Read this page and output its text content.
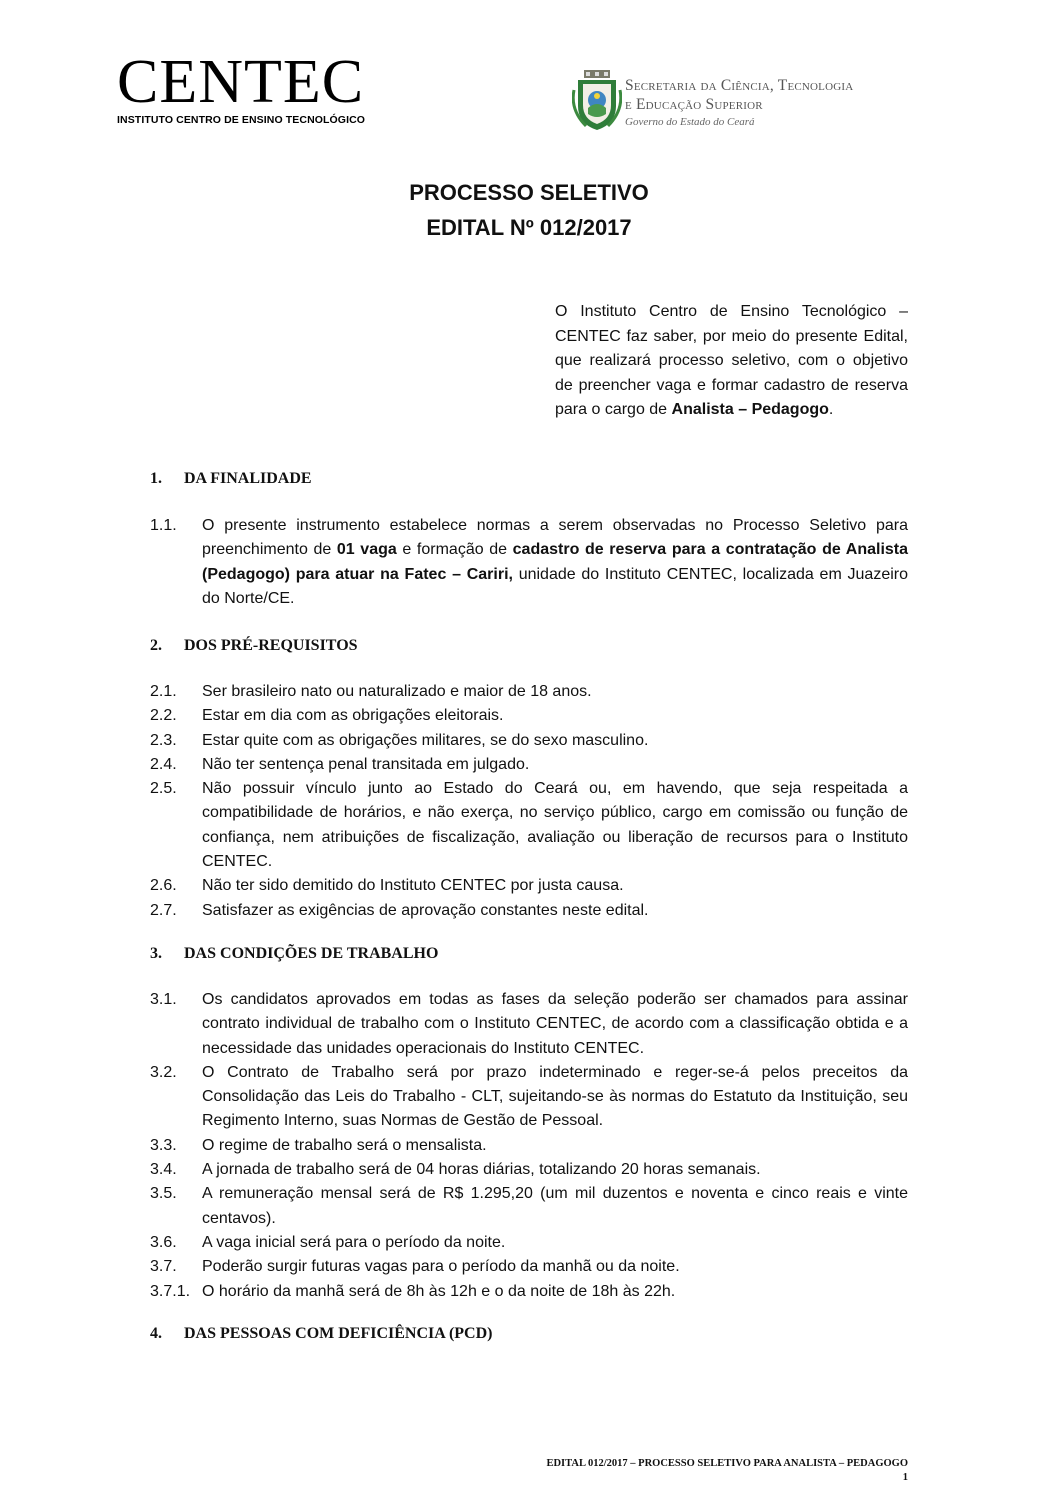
CENTEC
INSTITUTO CENTRO DE ENSINO TECNOLÓGICO
Secretaria da Ciência, Tecnologia
e Educação Superior
Governo do Estado do Ceará
PROCESSO SELETIVO
EDITAL Nº 012/2017
O Instituto Centro de Ensino Tecnológico – CENTEC faz saber, por meio do presente Edital, que realizará processo seletivo, com o objetivo de preencher vaga e formar cadastro de reserva para o cargo de Analista – Pedagogo.
1. DA FINALIDADE
1.1.	O presente instrumento estabelece normas a serem observadas no Processo Seletivo para preenchimento de 01 vaga e formação de cadastro de reserva para a contratação de Analista (Pedagogo) para atuar na Fatec – Cariri, unidade do Instituto CENTEC, localizada em Juazeiro do Norte/CE.
2. DOS PRÉ-REQUISITOS
2.1.	Ser brasileiro nato ou naturalizado e maior de 18 anos.
2.2.	Estar em dia com as obrigações eleitorais.
2.3.	Estar quite com as obrigações militares, se do sexo masculino.
2.4.	Não ter sentença penal transitada em julgado.
2.5.	Não possuir vínculo junto ao Estado do Ceará ou, em havendo, que seja respeitada a compatibilidade de horários, e não exerça, no serviço público, cargo em comissão ou função de confiança, nem atribuições de fiscalização, avaliação ou liberação de recursos para o Instituto CENTEC.
2.6.	Não ter sido demitido do Instituto CENTEC por justa causa.
2.7.	Satisfazer as exigências de aprovação constantes neste edital.
3. DAS CONDIÇÕES DE TRABALHO
3.1.	Os candidatos aprovados em todas as fases da seleção poderão ser chamados para assinar contrato individual de trabalho com o Instituto CENTEC, de acordo com a classificação obtida e a necessidade das unidades operacionais do Instituto CENTEC.
3.2.	O Contrato de Trabalho será por prazo indeterminado e reger-se-á pelos preceitos da Consolidação das Leis do Trabalho - CLT, sujeitando-se às normas do Estatuto da Instituição, seu Regimento Interno, suas Normas de Gestão de Pessoal.
3.3.	O regime de trabalho será o mensalista.
3.4.	A jornada de trabalho será de 04 horas diárias, totalizando 20 horas semanais.
3.5.	A remuneração mensal será de R$ 1.295,20 (um mil duzentos e noventa e cinco reais e vinte centavos).
3.6.	A vaga inicial será para o período da noite.
3.7.	Poderão surgir futuras vagas para o período da manhã ou da noite.
3.7.1. O horário da manhã será de 8h às 12h e o da noite de 18h às 22h.
4. DAS PESSOAS COM DEFICIÊNCIA (PCD)
EDITAL 012/2017 – PROCESSO SELETIVO PARA ANALISTA – PEDAGOGO
1
